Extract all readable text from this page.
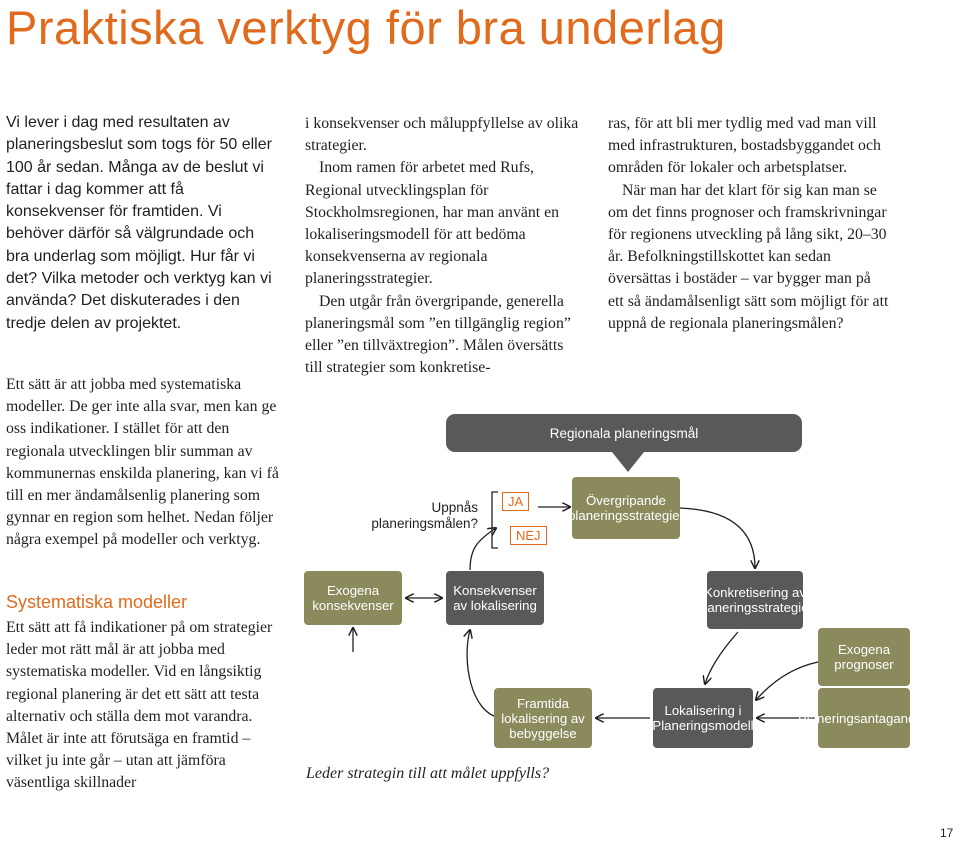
Praktiska verktyg för bra underlag
Vi lever i dag med resultaten av planeringsbeslut som togs för 50 eller 100 år sedan. Många av de beslut vi fattar i dag kommer att få konsekvenser för framtiden. Vi behöver därför så välgrundade och bra underlag som möjligt. Hur får vi det? Vilka metoder och verktyg kan vi använda? Det diskuterades i den tredje delen av projektet.

Ett sätt är att jobba med systematiska modeller. De ger inte alla svar, men kan ge oss indikationer. I stället för att den regionala utvecklingen blir summan av kommunernas enskilda planering, kan vi få till en mer ändamålsenlig planering som gynnar en region som helhet. Nedan följer några exempel på modeller och verktyg.

Systematiska modeller

Ett sätt att få indikationer på om strategier leder mot rätt mål är att jobba med systematiska modeller. Vid en långsiktig regional planering är det ett sätt att testa alternativ och ställa dem mot varandra. Målet är inte att förutsäga en framtid – vilket ju inte går – utan att jämföra väsentliga skillnader

i konsekvenser och måluppfyllelse av olika strategier.

Inom ramen för arbetet med Rufs, Regional utvecklingsplan för Stockholmsregionen, har man använt en lokaliseringsmodell för att bedöma konsekvenserna av regionala planeringsstrategier.

Den utgår från övergripande, generella planeringsmål som ”en tillgänglig region” eller ”en tillväxtregion”. Målen översätts till strategier som konkretise-

ras, för att bli mer tydlig med vad man vill med infrastrukturen, bostadsbyggandet och områden för lokaler och arbetsplatser.

När man har det klart för sig kan man se om det finns prognoser och framskrivningar för regionens utveckling på lång sikt, 20–30 år. Befolkningstillskottet kan sedan översättas i bostäder – var bygger man på ett så ändamålsenligt sätt som möjligt för att uppnå de regionala planeringsmålen?

Regionala planeringsmål
Övergripande planeringsstrategier
Uppnås planeringsmålen?
JA
NEJ
Exogena konsekvenser
Konsekvenser av lokalisering
Konkretisering av planeringsstrategier
Exogena prognoser
Framtida lokalisering av bebyggelse
Lokalisering i Planeringsmodell	Planeringsantaganden
Leder strategin till att målet uppfylls?
17
